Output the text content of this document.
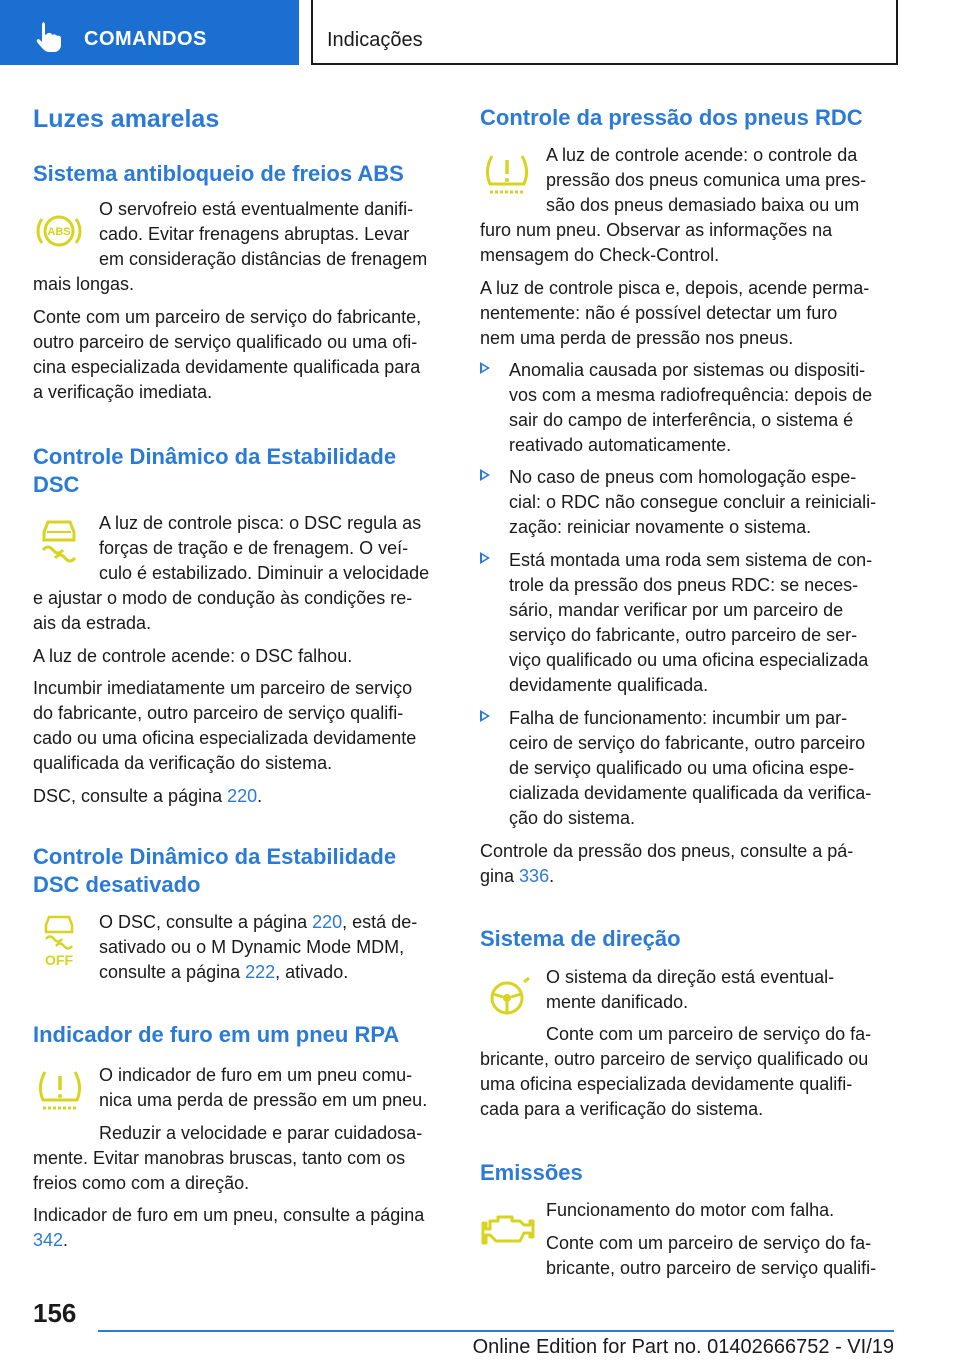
COMANDOS	Indicações
Luzes amarelas
Sistema antibloqueio de freios ABS
ABS
O servofreio está eventualmente danifi-
cado. Evitar frenagens abruptas. Levar
em consideração distâncias de frenagem
mais longas.
Conte com um parceiro de serviço do fabricante,
outro parceiro de serviço qualificado ou uma ofi-
cina especializada devidamente qualificada para
a verificação imediata.
Controle Dinâmico da Estabilidade
DSC
A luz de controle pisca: o DSC regula as
forças de tração e de frenagem. O veí-
culo é estabilizado. Diminuir a velocidade
e ajustar o modo de condução às condições re-
ais da estrada.
A luz de controle acende: o DSC falhou.
Incumbir imediatamente um parceiro de serviço
do fabricante, outro parceiro de serviço qualifi-
cado ou uma oficina especializada devidamente
qualificada da verificação do sistema.
DSC, consulte a página 220.
Controle Dinâmico da Estabilidade
DSC desativado
OFF
O DSC, consulte a página 220, está de-
sativado ou o M Dynamic Mode MDM,
consulte a página 222, ativado.
Indicador de furo em um pneu RPA
O indicador de furo em um pneu comu-
nica uma perda de pressão em um pneu.
Reduzir a velocidade e parar cuidadosa-
mente. Evitar manobras bruscas, tanto com os
freios como com a direção.
Indicador de furo em um pneu, consulte a página
342.
Controle da pressão dos pneus RDC
A luz de controle acende: o controle da
pressão dos pneus comunica uma pres-
são dos pneus demasiado baixa ou um
furo num pneu. Observar as informações na
mensagem do Check-Control.
A luz de controle pisca e, depois, acende perma-
nentemente: não é possível detectar um furo
nem uma perda de pressão nos pneus.
Anomalia causada por sistemas ou dispositi-
vos com a mesma radiofrequência: depois de
sair do campo de interferência, o sistema é
reativado automaticamente.
No caso de pneus com homologação espe-
cial: o RDC não consegue concluir a reiniciali-
zação: reiniciar novamente o sistema.
Está montada uma roda sem sistema de con-
trole da pressão dos pneus RDC: se neces-
sário, mandar verificar por um parceiro de
serviço do fabricante, outro parceiro de ser-
viço qualificado ou uma oficina especializada
devidamente qualificada.
Falha de funcionamento: incumbir um par-
ceiro de serviço do fabricante, outro parceiro
de serviço qualificado ou uma oficina espe-
cializada devidamente qualificada da verifica-
ção do sistema.
Controle da pressão dos pneus, consulte a pá-
gina 336.
Sistema de direção
O sistema da direção está eventual-
mente danificado.
Conte com um parceiro de serviço do fa-
bricante, outro parceiro de serviço qualificado ou
uma oficina especializada devidamente qualifi-
cada para a verificação do sistema.
Emissões
Funcionamento do motor com falha.
Conte com um parceiro de serviço do fa-
bricante, outro parceiro de serviço qualifi-
156
Online Edition for Part no. 01402666752 - VI/19
